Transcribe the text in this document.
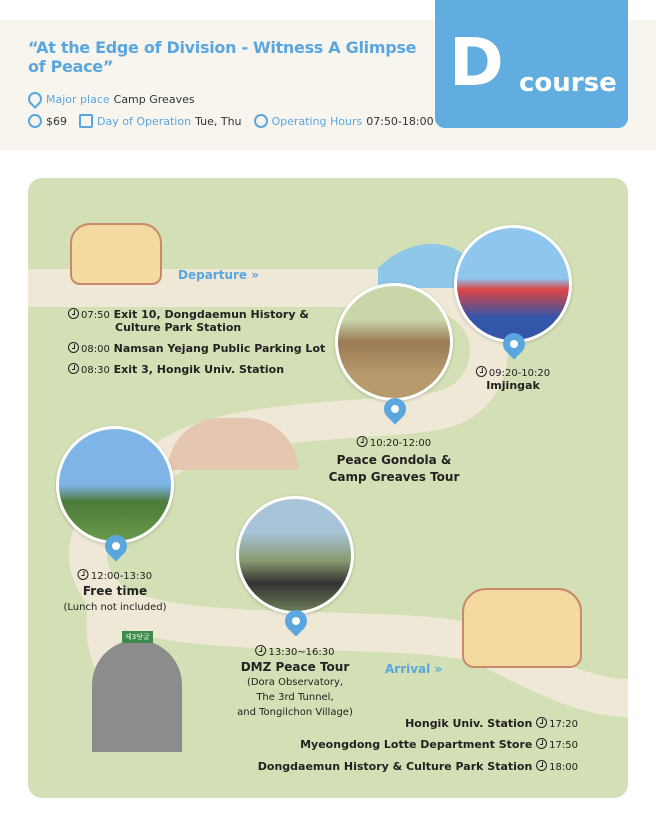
“At the Edge of Division - Witness A Glimpse of Peace”
Major place Camp Greaves
$69	Day of Operation Tue, Thu	Operating Hours 07:50-18:00
D course
제3땅굴
Departure »
Arrival »
07:50 Exit 10, Dongdaemun History &
Culture Park Station
08:00 Namsan Yejang Public Parking Lot
08:30 Exit 3, Hongik Univ. Station	09:20-10:20
Imjingak
10:20-12:00
Peace Gondola &
Camp Greaves Tour
12:00-13:30
Free time
(Lunch not included)
13:30~16:30
DMZ Peace Tour
(Dora Observatory,
The 3rd Tunnel,
and Tongilchon Village)
Hongik Univ. Station 17:20
Myeongdong Lotte Department Store 17:50
Dongdaemun History & Culture Park Station 18:00
